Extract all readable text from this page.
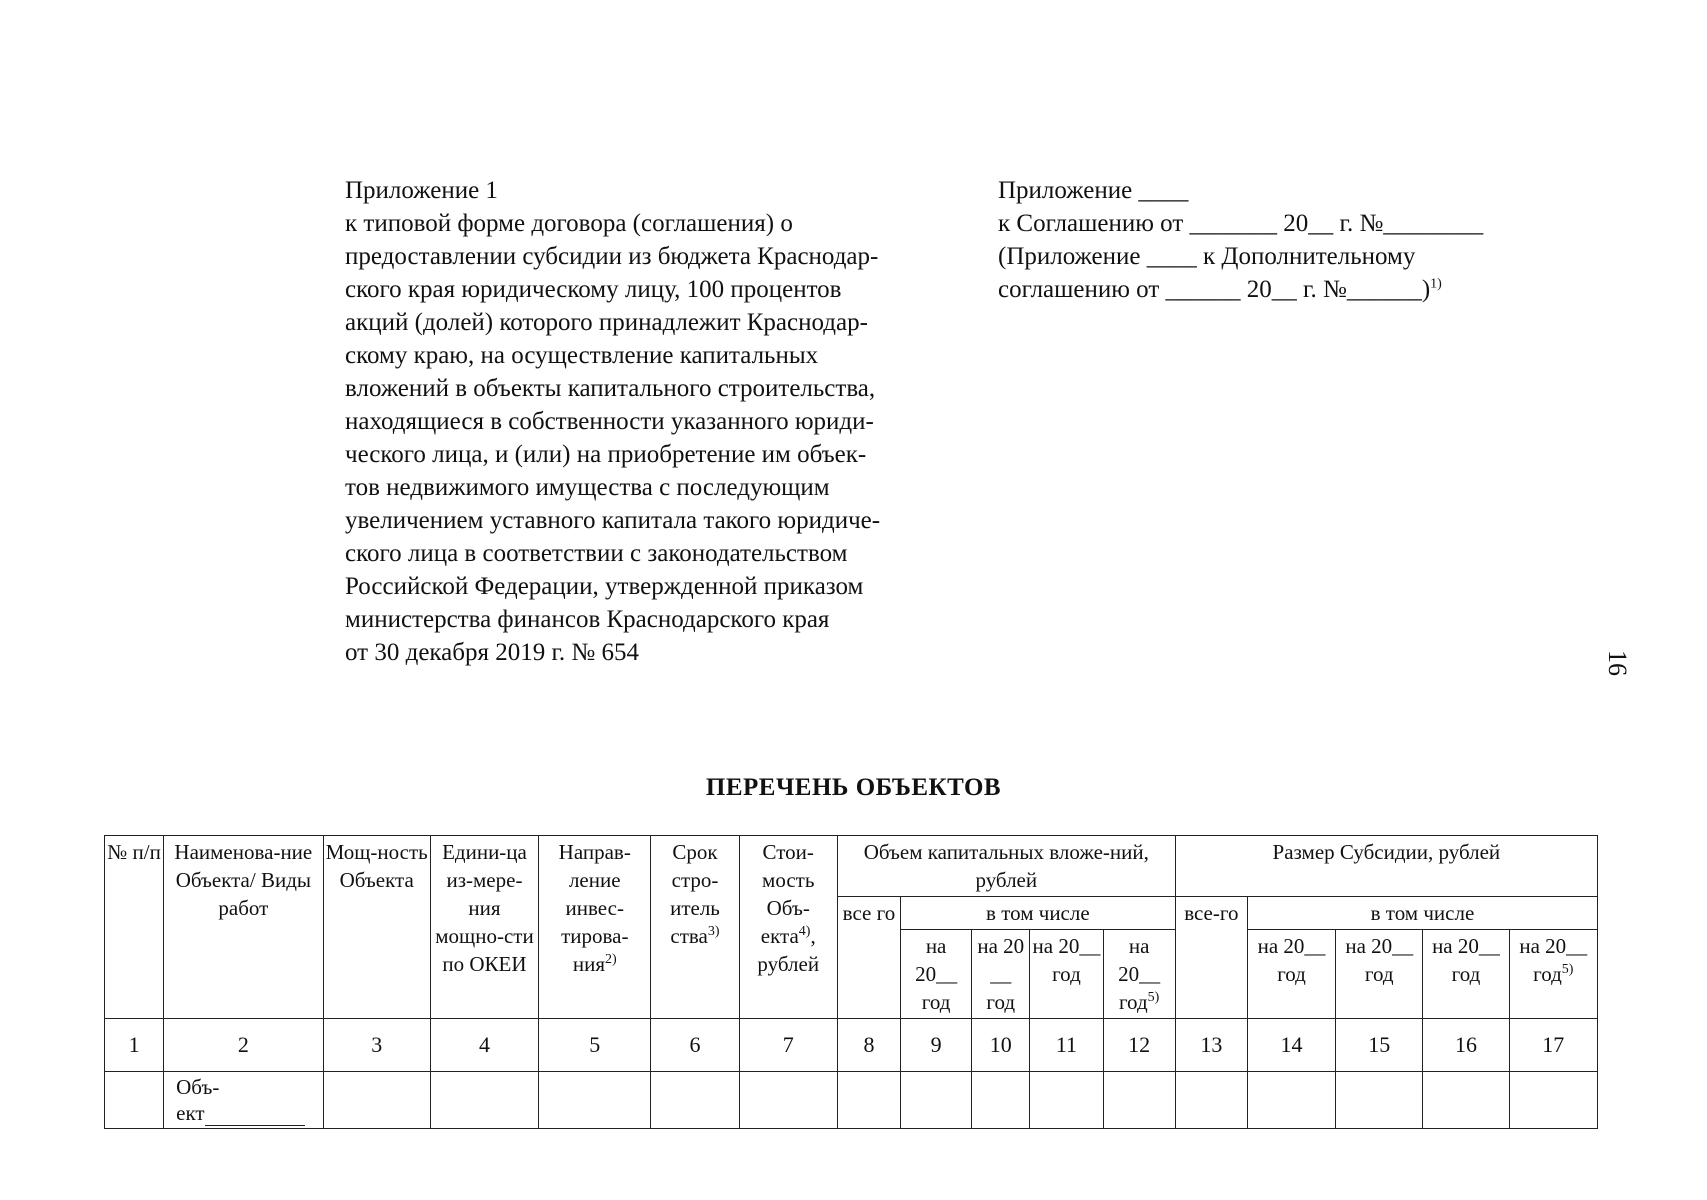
Приложение 1
к типовой форме договора (соглашения) о
предоставлении субсидии из бюджета Краснодар-
ского края юридическому лицу, 100 процентов
акций (долей) которого принадлежит Краснодар-
скому краю, на осуществление капитальных
вложений в объекты капитального строительства,
находящиеся в собственности указанного юриди-
ческого лица, и (или) на приобретение им объек-
тов недвижимого имущества с последующим
увеличением уставного капитала такого юридиче-
ского лица в соответствии с законодательством
Российской Федерации, утвержденной приказом
министерства финансов Краснодарского края
от 30 декабря 2019 г. № 654
Приложение ____
к Соглашению от _______ 20__ г. №________
(Приложение ____ к Дополнительному
соглашению от ______ 20__ г. №______)$^{1)}$
16
ПЕРЕЧЕНЬ ОБЪЕКТОВ
№ п/п	Наименова-ние Объекта/ Виды работ	Мощ-ность Объекта	Едини-ца из-мере-ния мощно-сти по ОКЕИ	Направ-ление инвес-тирова-ния$^{2)}$	Срок стро-итель ства$^{3)}$	Стои-мость Объ-екта$^{4)}$, рублей	Объем капитальных вложе-ний, рублей					Размер Субсидии, рублей				
							все го	в том числе				все-го	в том числе			
								на 20__ год	на 20 __ год	на 20__ год	на 20__ год$^{5)}$		на 20__ год	на 20__ год	на 20__ год	на 20__ год$^{5)}$
1	2	3	4	5	6	7	8	9	10	11	12	13	14	15	16	17
	Объ-
ект															
